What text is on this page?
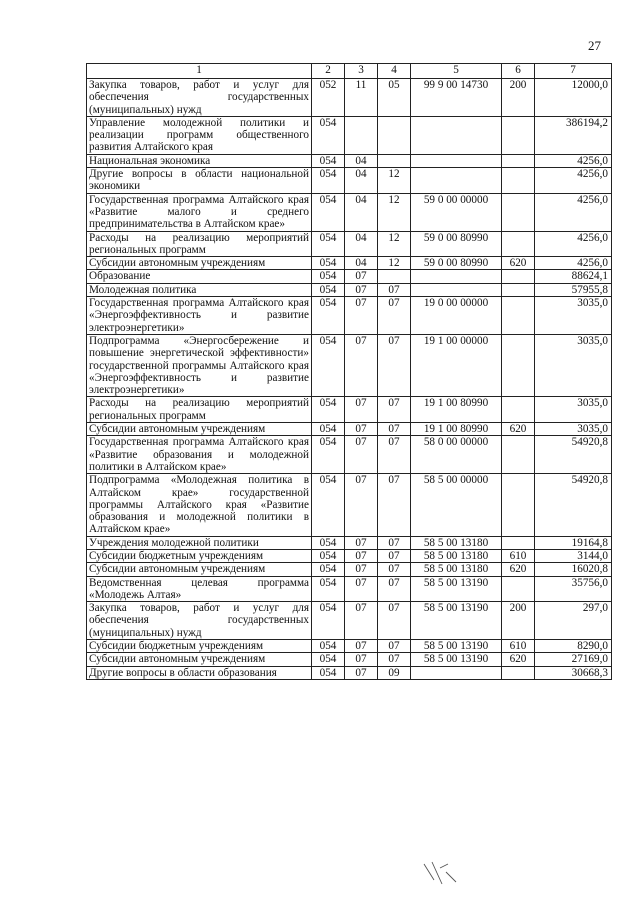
27
1	2	3	4	5	6	7
Закупка товаров, работ и услуг для обеспечения государственных (муниципальных) нужд	052	11	05	99 9 00 14730	200	12000,0
Управление молодежной политики и реализации программ общественного развития Алтайского края	054					386194,2
Национальная экономика	054	04				4256,0
Другие вопросы в области национальной экономики	054	04	12			4256,0
Государственная программа Алтайского края «Развитие малого и среднего предпринимательства в Алтайском крае»	054	04	12	59 0 00 00000		4256,0
Расходы на реализацию мероприятий региональных программ	054	04	12	59 0 00 80990		4256,0
Субсидии автономным учреждениям	054	04	12	59 0 00 80990	620	4256,0
Образование	054	07				88624,1
Молодежная политика	054	07	07			57955,8
Государственная программа Алтайского края «Энергоэффективность и развитие электроэнергетики»	054	07	07	19 0 00 00000		3035,0
Подпрограмма «Энергосбережение и повышение энергетической эффективности» государственной программы Алтайского края «Энергоэффективность и развитие электроэнергетики»	054	07	07	19 1 00 00000		3035,0
Расходы на реализацию мероприятий региональных программ	054	07	07	19 1 00 80990		3035,0
Субсидии автономным учреждениям	054	07	07	19 1 00 80990	620	3035,0
Государственная программа Алтайского края «Развитие образования и молодежной политики в Алтайском крае»	054	07	07	58 0 00 00000		54920,8
Подпрограмма «Молодежная политика в Алтайском крае» государственной программы Алтайского края «Развитие образования и молодежной политики в Алтайском крае»	054	07	07	58 5 00 00000		54920,8
Учреждения молодежной политики	054	07	07	58 5 00 13180		19164,8
Субсидии бюджетным учреждениям	054	07	07	58 5 00 13180	610	3144,0
Субсидии автономным учреждениям	054	07	07	58 5 00 13180	620	16020,8
Ведомственная целевая программа «Молодежь Алтая»	054	07	07	58 5 00 13190		35756,0
Закупка товаров, работ и услуг для обеспечения государственных (муниципальных) нужд	054	07	07	58 5 00 13190	200	297,0
Субсидии бюджетным учреждениям	054	07	07	58 5 00 13190	610	8290,0
Субсидии автономным учреждениям	054	07	07	58 5 00 13190	620	27169,0
Другие вопросы в области образования	054	07	09			30668,3
